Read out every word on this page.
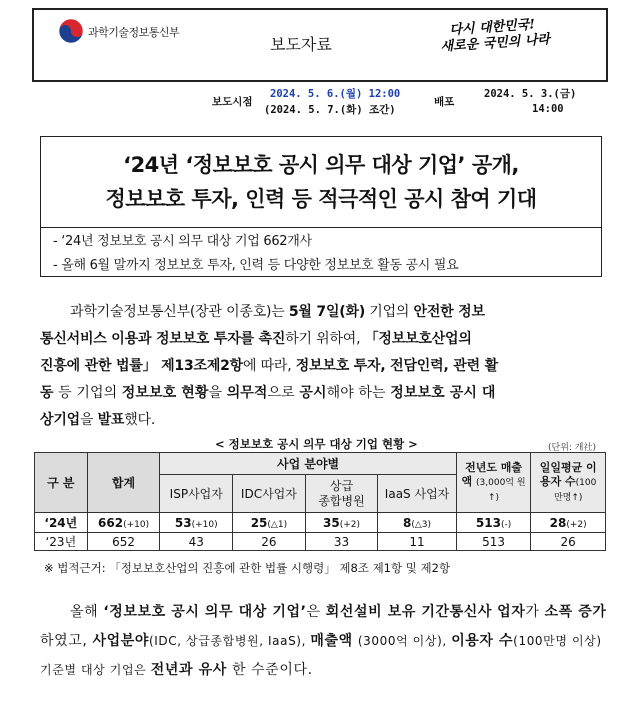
과학기술정보통신부
보도자료
다시 대한민국!
새로운 국민의 나라
보도시점
2024. 5. 6.(월) 12:00
(2024. 5. 7.(화) 조간)
배포
2024. 5. 3.(금)
14:00
‘24년 ‘정보보호 공시 의무 대상 기업’ 공개,
정보보호 투자, 인력 등 적극적인 공시 참여 기대
- ‘24년 정보보호 공시 의무 대상 기업 662개사
- 올해 6월 말까지 정보보호 투자, 인력 등 다양한 정보보호 활동 공시 필요
과학기술정보통신부(장관 이종호)는 5월 7일(화) 기업의 안전한 정보
통신서비스 이용과 정보보호 투자를 촉진하기 위하여, 「정보보호산업의
진흥에 관한 법률」 제13조제2항에 따라, 정보보호 투자, 전담인력, 관련 활
동 등 기업의 정보보호 현황을 의무적으로 공시해야 하는 정보보호 공시 대
상기업을 발표했다.
< 정보보호 공시 의무 대상 기업 현황 >	(단위: 개社)
구 분	합계	사업 분야별				전년도 매출
액 (3,000억 원 ↑)	일일평균 이
용자 수(100
만명↑)
		ISP사업자	IDC사업자	상급
종합병원	IaaS 사업자		
‘24년	662(+10)	53(+10)	25(△1)	35(+2)	8(△3)	513(-)	28(+2)
‘23년	652	43	26	33	11	513	26
※ 법적근거: 「정보보호산업의 진흥에 관한 법률 시행령」 제8조 제1항 및 제2항
올해 ‘정보보호 공시 의무 대상 기업’은 회선설비 보유 기간통신사 업자가 소폭 증가하였고, 사업분야(IDC, 상급종합병원, IaaS), 매출액 (3000억 이상), 이용자 수(100만명 이상) 기준별 대상 기업은 전년과 유사 한 수준이다.
